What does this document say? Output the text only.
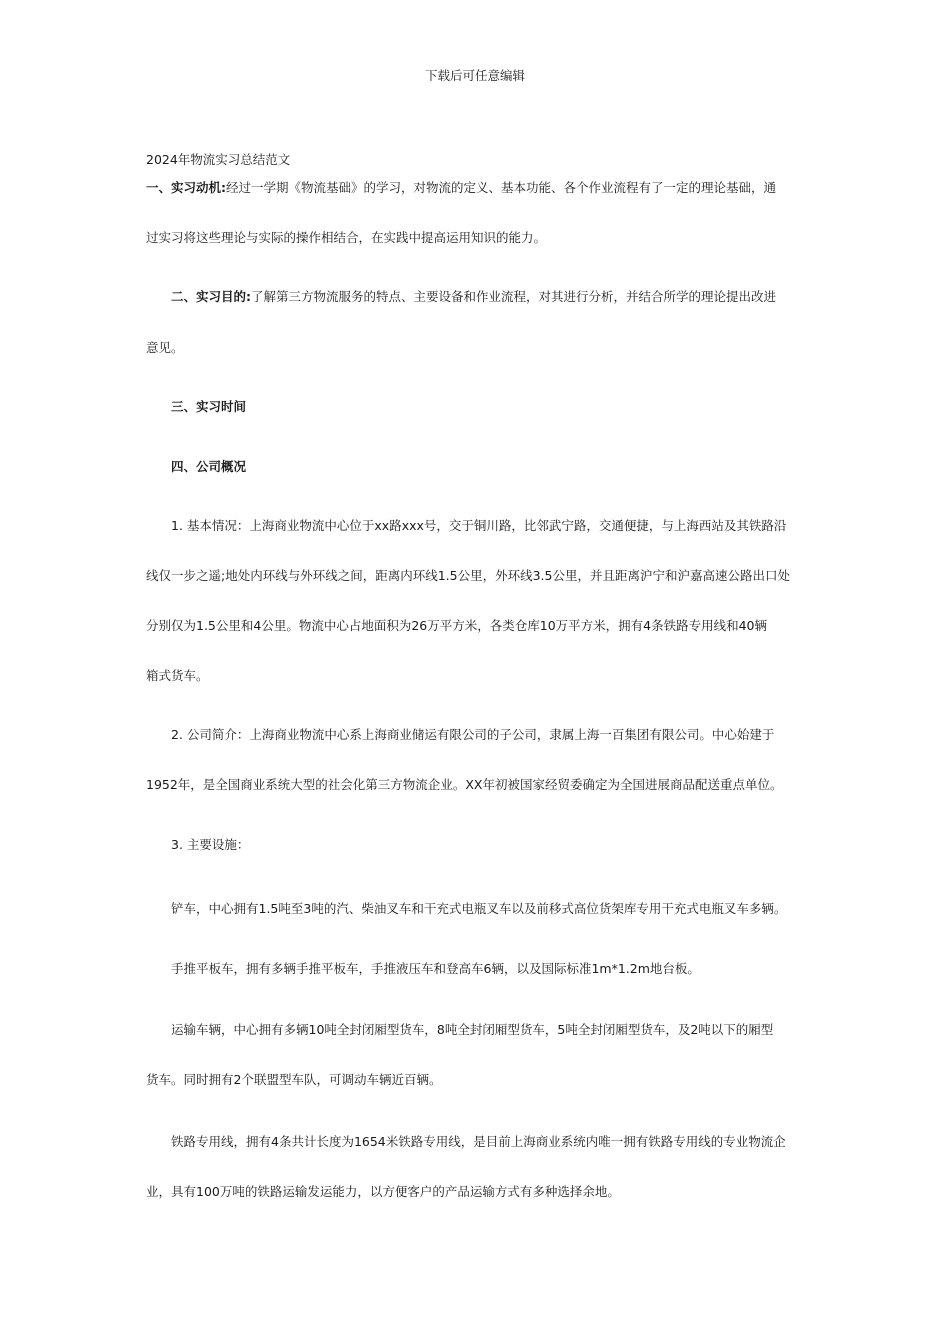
下载后可任意编辑
2024年物流实习总结范文
一、实习动机:经过一学期《物流基础》的学习，对物流的定义、基本功能、各个作业流程有了一定的理论基础，通
过实习将这些理论与实际的操作相结合，在实践中提高运用知识的能力。
二、实习目的:了解第三方物流服务的特点、主要设备和作业流程，对其进行分析，并结合所学的理论提出改进
意见。
三、实习时间
四、公司概况
1. 基本情况：上海商业物流中心位于xx路xxx号，交于铜川路，比邻武宁路，交通便捷，与上海西站及其铁路沿
线仅一步之遥;地处内环线与外环线之间，距离内环线1.5公里，外环线3.5公里，并且距离沪宁和沪嘉高速公路出口处
分别仅为1.5公里和4公里。物流中心占地面积为26万平方米，各类仓库10万平方米，拥有4条铁路专用线和40辆
箱式货车。
2. 公司简介：上海商业物流中心系上海商业储运有限公司的子公司，隶属上海一百集团有限公司。中心始建于
1952年，是全国商业系统大型的社会化第三方物流企业。XX年初被国家经贸委确定为全国进展商品配送重点单位。
3. 主要设施：
铲车，中心拥有1.5吨至3吨的汽、柴油叉车和干充式电瓶叉车以及前移式高位货架库专用干充式电瓶叉车多辆。
手推平板车，拥有多辆手推平板车，手推液压车和登高车6辆，以及国际标准1m*1.2m地台板。
运输车辆，中心拥有多辆10吨全封闭厢型货车，8吨全封闭厢型货车，5吨全封闭厢型货车，及2吨以下的厢型
货车。同时拥有2个联盟型车队，可调动车辆近百辆。
铁路专用线，拥有4条共计长度为1654米铁路专用线，是目前上海商业系统内唯一拥有铁路专用线的专业物流企
业，具有100万吨的铁路运输发运能力，以方便客户的产品运输方式有多种选择余地。
